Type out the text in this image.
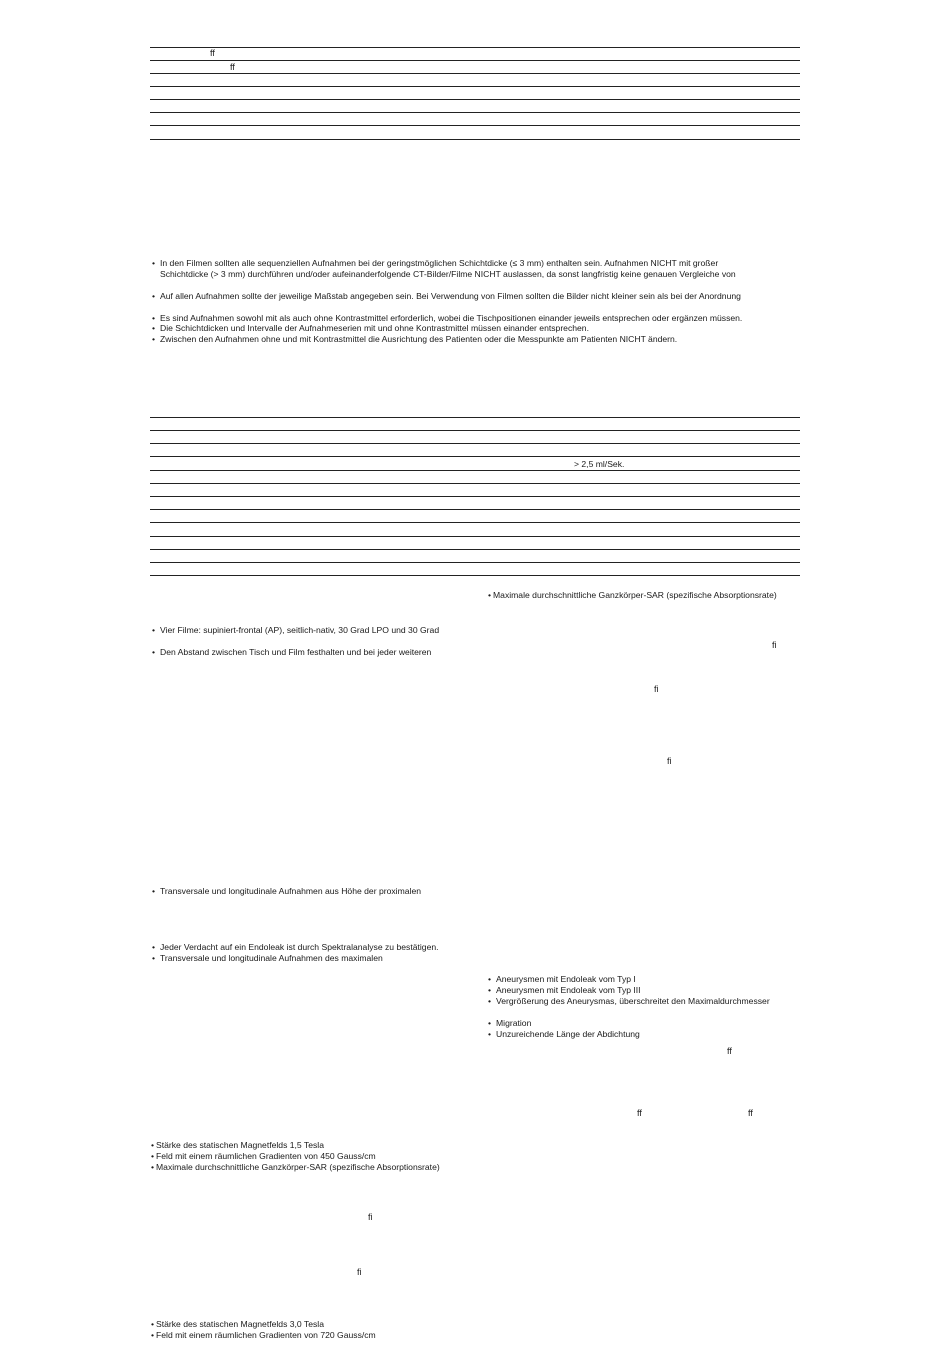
ff
ff
• In den Filmen sollten alle sequenziellen Aufnahmen bei der geringstmöglichen Schichtdicke (≤ 3 mm) enthalten sein. Aufnahmen NICHT mit großer
Schichtdicke (> 3 mm) durchführen und/oder aufeinanderfolgende CT-Bilder/Filme NICHT auslassen, da sonst langfristig keine genauen Vergleiche von
• Auf allen Aufnahmen sollte der jeweilige Maßstab angegeben sein. Bei Verwendung von Filmen sollten die Bilder nicht kleiner sein als bei der Anordnung
• Es sind Aufnahmen sowohl mit als auch ohne Kontrastmittel erforderlich, wobei die Tischpositionen einander jeweils entsprechen oder ergänzen müssen.
• Die Schichtdicken und Intervalle der Aufnahmeserien mit und ohne Kontrastmittel müssen einander entsprechen.
• Zwischen den Aufnahmen ohne und mit Kontrastmittel die Ausrichtung des Patienten oder die Messpunkte am Patienten NICHT ändern.
> 2,5 ml/Sek.
• Maximale durchschnittliche Ganzkörper-SAR (spezifische Absorptionsrate)
fi
fi
fi
• Aneurysmen mit Endoleak vom Typ I
• Aneurysmen mit Endoleak vom Typ III
• Vergrößerung des Aneurysmas, überschreitet den Maximaldurchmesser
• Migration
• Unzureichende Länge der Abdichtung
ff
ff	ff
• Vier Filme: supiniert-frontal (AP), seitlich-nativ, 30 Grad LPO und 30 Grad
• Den Abstand zwischen Tisch und Film festhalten und bei jeder weiteren
• Transversale und longitudinale Aufnahmen aus Höhe der proximalen
• Jeder Verdacht auf ein Endoleak ist durch Spektralanalyse zu bestätigen.
• Transversale und longitudinale Aufnahmen des maximalen
• Stärke des statischen Magnetfelds 1,5 Tesla
• Feld mit einem räumlichen Gradienten von 450 Gauss/cm
• Maximale durchschnittliche Ganzkörper-SAR (spezifische Absorptionsrate)
fi
fi
• Stärke des statischen Magnetfelds 3,0 Tesla
• Feld mit einem räumlichen Gradienten von 720 Gauss/cm
